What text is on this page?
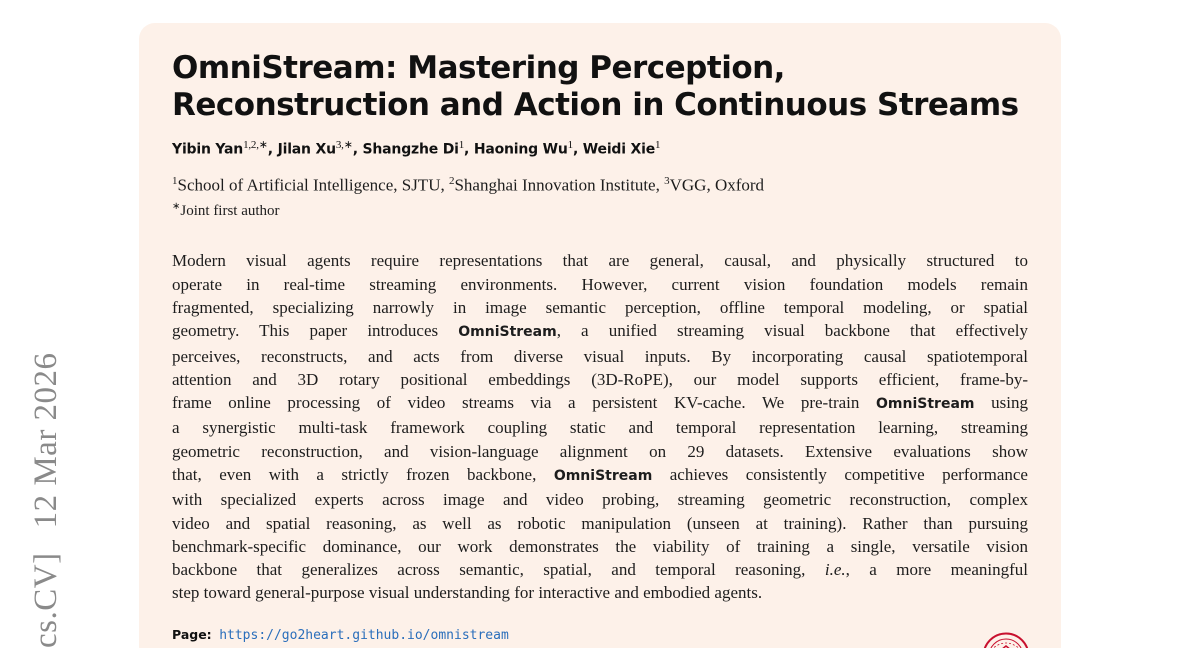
cs.CV]12 Mar 2026
OmniStream: Mastering Perception,
Reconstruction and Action in Continuous Streams
Yibin Yan$^{1,2,∗}$, Jilan $Xu^{3,∗}$, Shangzhe Di$^1$, Haoning Wu$^1$, Weidi Xie$^1$
$^1$School of Artificial Intelligence, SJTU, $^2$Shanghai Innovation Institute, $^3$VGG, Oxford
∗Joint first author
Modern visual agents require representations that are general, causal, and physically structured to
operate in real-time streaming environments. However, current vision foundation models remain
fragmented, specializing narrowly in image semantic perception, offline temporal modeling, or spatial
geometry. This paper introduces OmniStream, a unified streaming visual backbone that effectively
perceives, reconstructs, and acts from diverse visual inputs. By incorporating causal spatiotemporal
attention and 3D rotary positional embeddings (3D-RoPE), our model supports efficient, frame-by-
frame online processing of video streams via a persistent KV-cache. We pre-train OmniStream using
a synergistic multi-task framework coupling static and temporal representation learning, streaming
geometric reconstruction, and vision-language alignment on 29 datasets. Extensive evaluations show
that, even with a strictly frozen backbone, OmniStream achieves consistently competitive performance
with specialized experts across image and video probing, streaming geometric reconstruction, complex
video and spatial reasoning, as well as robotic manipulation (unseen at training). Rather than pursuing
benchmark-specific dominance, our work demonstrates the viability of training a single, versatile vision
backbone that generalizes across semantic, spatial, and temporal reasoning, i.e., a more meaningful
step toward general-purpose visual understanding for interactive and embodied agents.
Page: https://go2heart.github.io/omnistream
